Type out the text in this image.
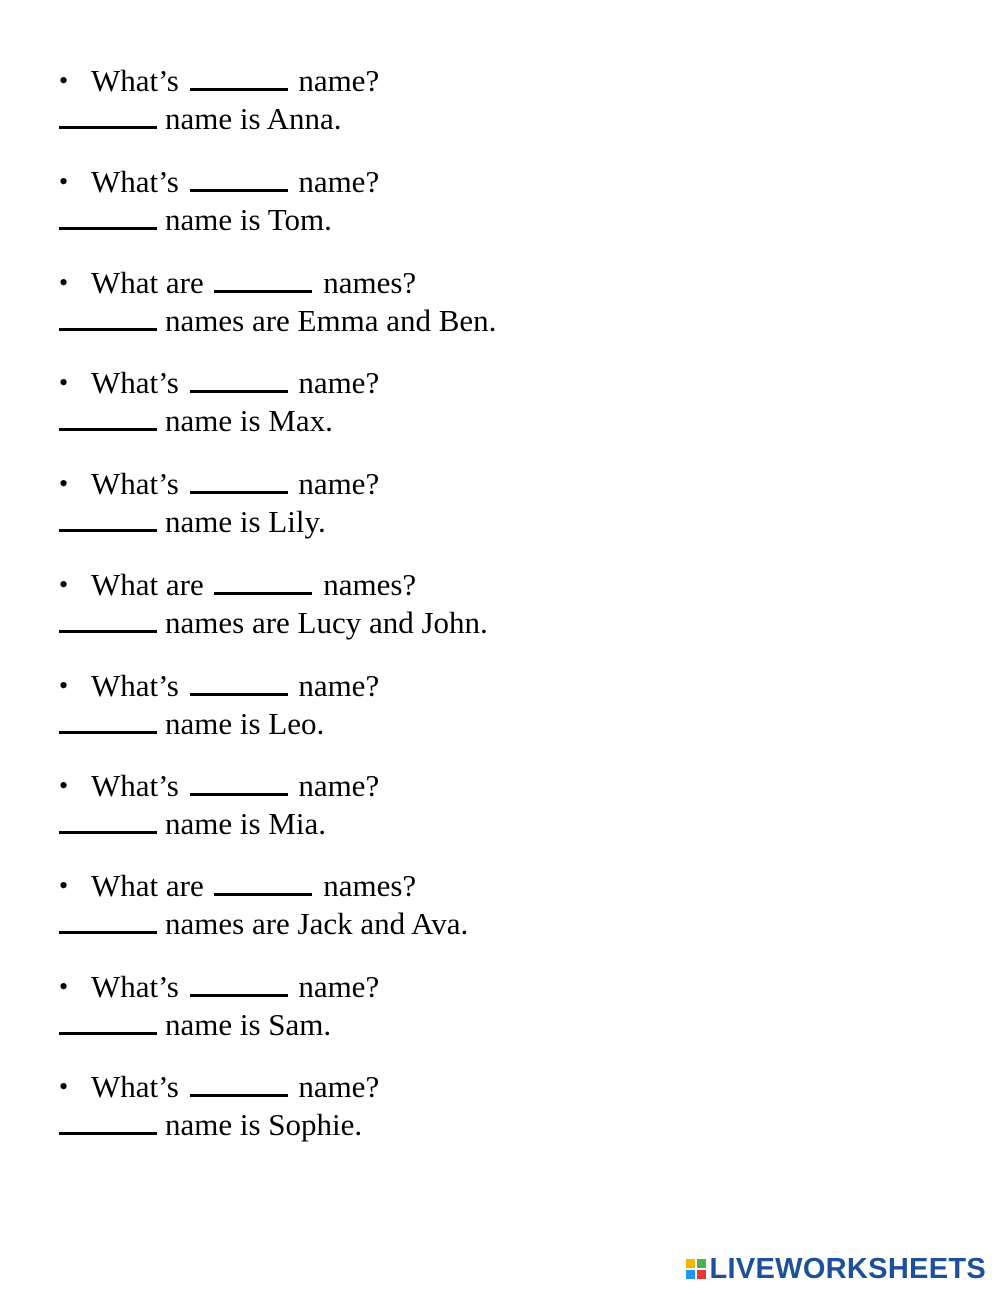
• What’s	name?
name is Anna.
• What’s	name?
name is Tom.
• What are	names?
names are Emma and Ben.
• What’s	name?
name is Max.
• What’s	name?
name is Lily.
• What are	names?
names are Lucy and John.
• What’s	name?
name is Leo.
• What’s	name?
name is Mia.
• What are	names?
names are Jack and Ava.
• What’s	name?
name is Sam.
• What’s	name?
name is Sophie.
LIVEWORKSHEETS
